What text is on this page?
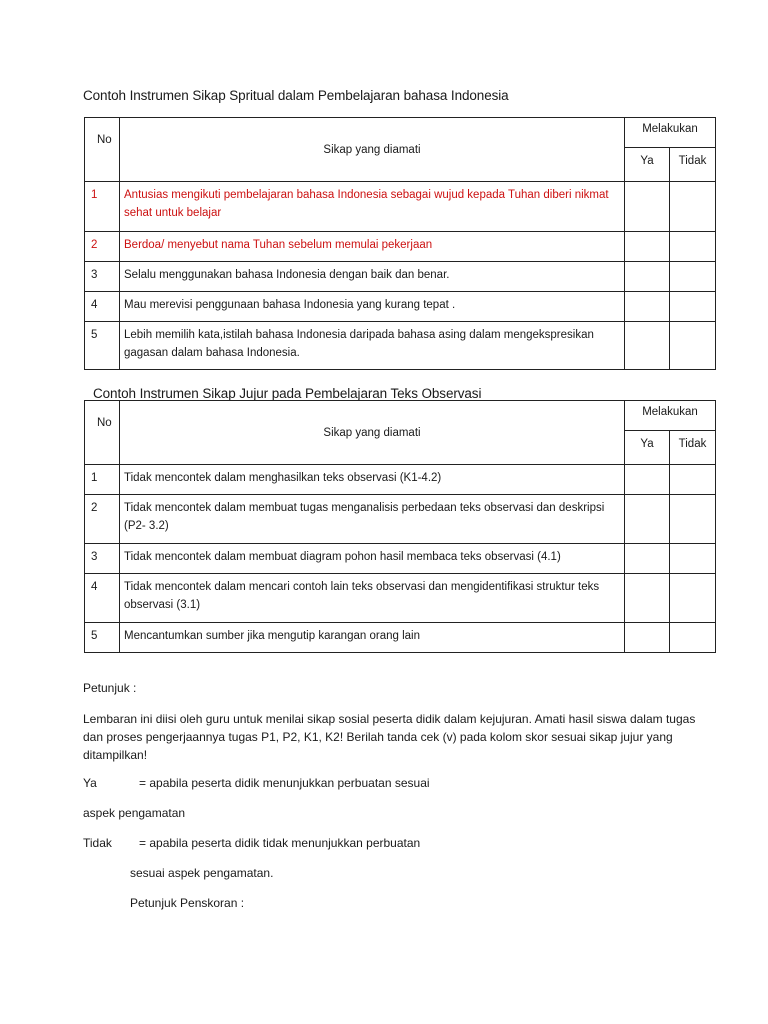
Contoh Instrumen Sikap Spritual dalam Pembelajaran bahasa Indonesia
No	Sikap yang diamati	Melakukan	
		Ya	Tidak
1	Antusias mengikuti pembelajaran bahasa Indonesia sebagai wujud kepada Tuhan diberi nikmat sehat untuk belajar		
2	Berdoa/ menyebut nama Tuhan sebelum memulai pekerjaan		
3	Selalu menggunakan bahasa Indonesia dengan baik dan benar.		
4	Mau merevisi penggunaan bahasa Indonesia yang kurang tepat .		
5	Lebih memilih kata,istilah bahasa Indonesia daripada bahasa asing dalam mengekspresikan gagasan dalam bahasa Indonesia.		
Contoh Instrumen Sikap Jujur pada Pembelajaran Teks Observasi
No	Sikap yang diamati	Melakukan	
		Ya	Tidak
1	Tidak mencontek dalam menghasilkan teks observasi (K1-4.2)		
2	Tidak mencontek dalam membuat tugas menganalisis perbedaan teks observasi dan deskripsi (P2- 3.2)		
3	Tidak mencontek dalam membuat diagram pohon hasil membaca teks observasi (4.1)		
4	Tidak mencontek dalam mencari contoh lain teks observasi dan mengidentifikasi struktur teks observasi (3.1)		
5	Mencantumkan sumber jika mengutip karangan orang lain		
Petunjuk :
Lembaran ini diisi oleh guru untuk menilai sikap sosial peserta didik dalam kejujuran. Amati hasil siswa dalam tugas dan proses pengerjaannya tugas P1, P2, K1, K2! Berilah tanda cek (v) pada kolom skor sesuai sikap jujur yang ditampilkan!
Ya	= apabila peserta didik menunjukkan perbuatan sesuai
aspek pengamatan
Tidak = apabila peserta didik tidak menunjukkan perbuatan
sesuai aspek pengamatan.
Petunjuk Penskoran :
